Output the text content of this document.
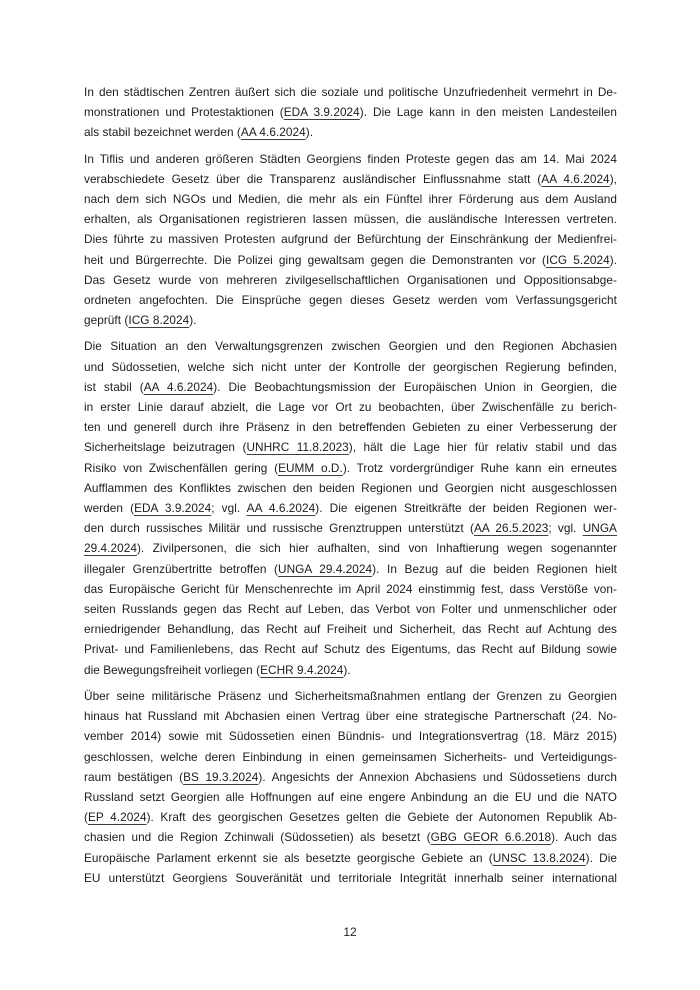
In den städtischen Zentren äußert sich die soziale und politische Unzufriedenheit vermehrt in De-
monstrationen und Protestaktionen (EDA 3.9.2024). Die Lage kann in den meisten Landesteilen
als stabil bezeichnet werden (AA 4.6.2024).
In Tiflis und anderen größeren Städten Georgiens finden Proteste gegen das am 14. Mai 2024
verabschiedete Gesetz über die Transparenz ausländischer Einflussnahme statt (AA 4.6.2024),
nach dem sich NGOs und Medien, die mehr als ein Fünftel ihrer Förderung aus dem Ausland
erhalten, als Organisationen registrieren lassen müssen, die ausländische Interessen vertreten.
Dies führte zu massiven Protesten aufgrund der Befürchtung der Einschränkung der Medienfrei-
heit und Bürgerrechte. Die Polizei ging gewaltsam gegen die Demonstranten vor (ICG 5.2024).
Das Gesetz wurde von mehreren zivilgesellschaftlichen Organisationen und Oppositionsabge-
ordneten angefochten. Die Einsprüche gegen dieses Gesetz werden vom Verfassungsgericht
geprüft (ICG 8.2024).
Die Situation an den Verwaltungsgrenzen zwischen Georgien und den Regionen Abchasien
und Südossetien, welche sich nicht unter der Kontrolle der georgischen Regierung befinden,
ist stabil (AA 4.6.2024). Die Beobachtungsmission der Europäischen Union in Georgien, die
in erster Linie darauf abzielt, die Lage vor Ort zu beobachten, über Zwischenfälle zu berich-
ten und generell durch ihre Präsenz in den betreffenden Gebieten zu einer Verbesserung der
Sicherheitslage beizutragen (UNHRC 11.8.2023), hält die Lage hier für relativ stabil und das
Risiko von Zwischenfällen gering (EUMM o.D.). Trotz vordergründiger Ruhe kann ein erneutes
Aufflammen des Konfliktes zwischen den beiden Regionen und Georgien nicht ausgeschlossen
werden (EDA 3.9.2024; vgl. AA 4.6.2024). Die eigenen Streitkräfte der beiden Regionen wer-
den durch russisches Militär und russische Grenztruppen unterstützt (AA 26.5.2023; vgl. UNGA
29.4.2024). Zivilpersonen, die sich hier aufhalten, sind von Inhaftierung wegen sogenannter
illegaler Grenzübertritte betroffen (UNGA 29.4.2024). In Bezug auf die beiden Regionen hielt
das Europäische Gericht für Menschenrechte im April 2024 einstimmig fest, dass Verstöße von-
seiten Russlands gegen das Recht auf Leben, das Verbot von Folter und unmenschlicher oder
erniedrigender Behandlung, das Recht auf Freiheit und Sicherheit, das Recht auf Achtung des
Privat- und Familienlebens, das Recht auf Schutz des Eigentums, das Recht auf Bildung sowie
die Bewegungsfreiheit vorliegen (ECHR 9.4.2024).
Über seine militärische Präsenz und Sicherheitsmaßnahmen entlang der Grenzen zu Georgien
hinaus hat Russland mit Abchasien einen Vertrag über eine strategische Partnerschaft (24. No-
vember 2014) sowie mit Südossetien einen Bündnis- und Integrationsvertrag (18. März 2015)
geschlossen, welche deren Einbindung in einen gemeinsamen Sicherheits- und Verteidigungs-
raum bestätigen (BS 19.3.2024). Angesichts der Annexion Abchasiens und Südossetiens durch
Russland setzt Georgien alle Hoffnungen auf eine engere Anbindung an die EU und die NATO
(EP 4.2024). Kraft des georgischen Gesetzes gelten die Gebiete der Autonomen Republik Ab-
chasien und die Region Zchinwali (Südossetien) als besetzt (GBG GEOR 6.6.2018). Auch das
Europäische Parlament erkennt sie als besetzte georgische Gebiete an (UNSC 13.8.2024). Die
EU unterstützt Georgiens Souveränität und territoriale Integrität innerhalb seiner international
12
